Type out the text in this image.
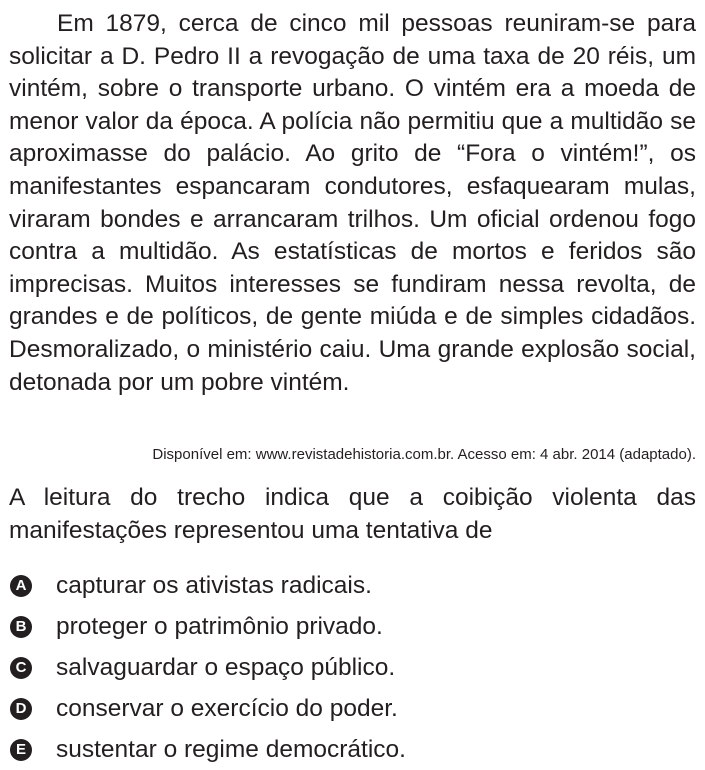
Em 1879, cerca de cinco mil pessoas reuniram-se para solicitar a D. Pedro II a revogação de uma taxa de 20 réis, um vintém, sobre o transporte urbano. O vintém era a moeda de menor valor da época. A polícia não permitiu que a multidão se aproximasse do palácio. Ao grito de “Fora o vintém!”, os manifestantes espancaram condutores, esfaquearam mulas, viraram bondes e arrancaram trilhos. Um oficial ordenou fogo contra a multidão. As estatísticas de mortos e feridos são imprecisas. Muitos interesses se fundiram nessa revolta, de grandes e de políticos, de gente miúda e de simples cidadãos. Desmoralizado, o ministério caiu. Uma grande explosão social, detonada por um pobre vintém.
Disponível em: www.revistadehistoria.com.br. Acesso em: 4 abr. 2014 (adaptado).
A leitura do trecho indica que a coibição violenta das manifestações representou uma tentativa de
A capturar os ativistas radicais.
B proteger o patrimônio privado.
C salvaguardar o espaço público.
D conservar o exercício do poder.
E sustentar o regime democrático.
